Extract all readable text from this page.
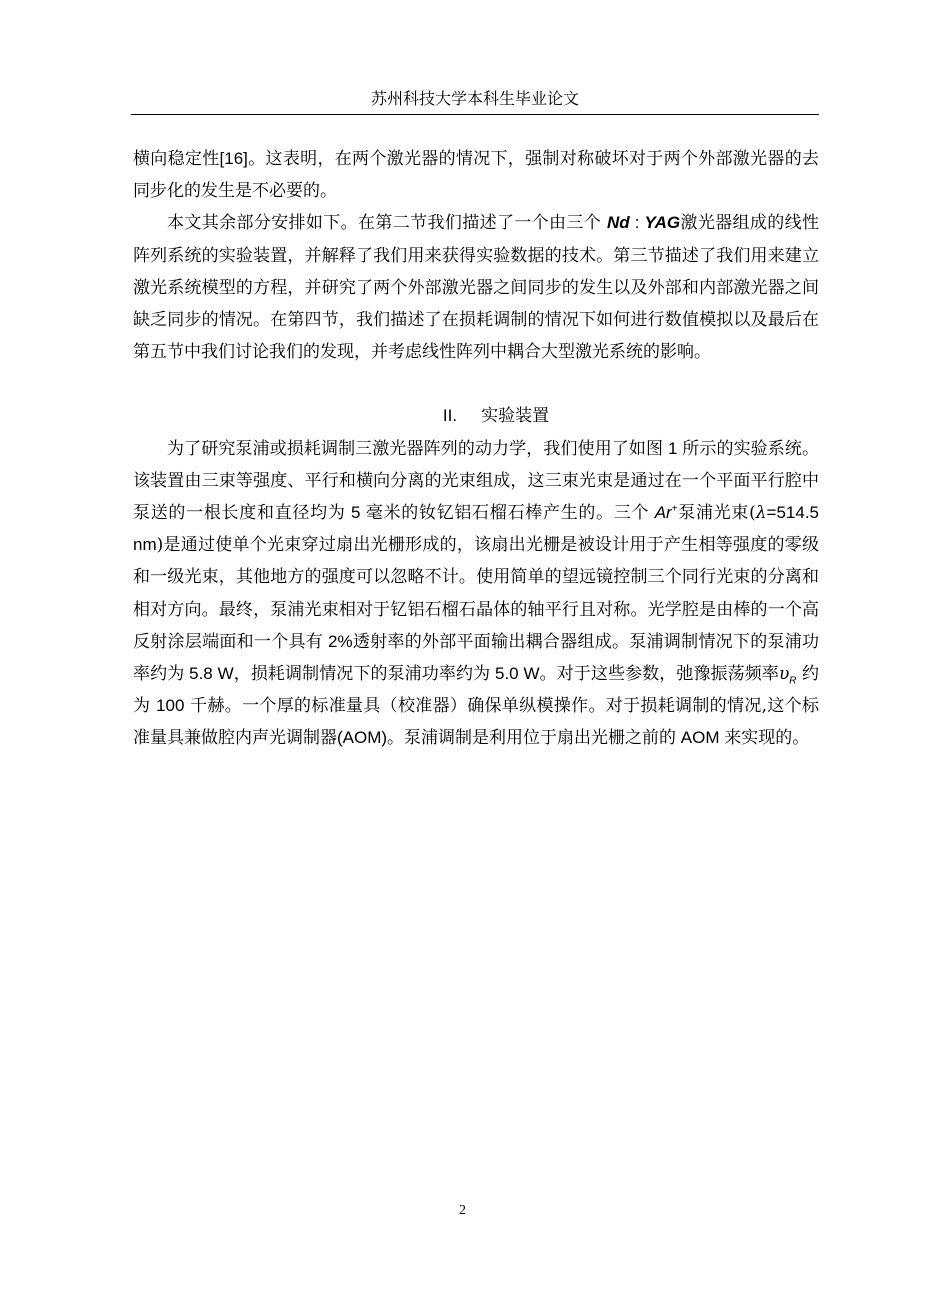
苏州科技大学本科生毕业论文

横向稳定性[16]。这表明，在两个激光器的情况下，强制对称破坏对于两个外部激光器的去同步化的发生是不必要的。

本文其余部分安排如下。在第二节我们描述了一个由三个 Nd : YAG激光器组成的线性阵列系统的实验装置，并解释了我们用来获得实验数据的技术。第三节描述了我们用来建立激光系统模型的方程，并研究了两个外部激光器之间同步的发生以及外部和内部激光器之间缺乏同步的情况。在第四节，我们描述了在损耗调制的情况下如何进行数值模拟以及最后在第五节中我们讨论我们的发现，并考虑线性阵列中耦合大型激光系统的影响。

II. 实验装置

为了研究泵浦或损耗调制三激光器阵列的动力学，我们使用了如图 1 所示的实验系统。该装置由三束等强度、平行和横向分离的光束组成，这三束光束是通过在一个平面平行腔中泵送的一根长度和直径均为 5 毫米的钕钇铝石榴石棒产生的。三个 Ar+泵浦光束(λ=514.5 nm)是通过使单个光束穿过扇出光栅形成的，该扇出光栅是被设计用于产生相等强度的零级和一级光束，其他地方的强度可以忽略不计。使用简单的望远镜控制三个同行光束的分离和相对方向。最终，泵浦光束相对于钇铝石榴石晶体的轴平行且对称。光学腔是由棒的一个高反射涂层端面和一个具有 2%透射率的外部平面输出耦合器组成。泵浦调制情况下的泵浦功率约为 5.8 W，损耗调制情况下的泵浦功率约为 5.0 W。对于这些参数，弛豫振荡频率$\upsilon_R$ 约为 100 千赫。一个厚的标准量具（校准器）确保单纵模操作。对于损耗调制的情况,这个标准量具兼做腔内声光调制器(AOM)。泵浦调制是利用位于扇出光栅之前的 AOM 来实现的。

2
